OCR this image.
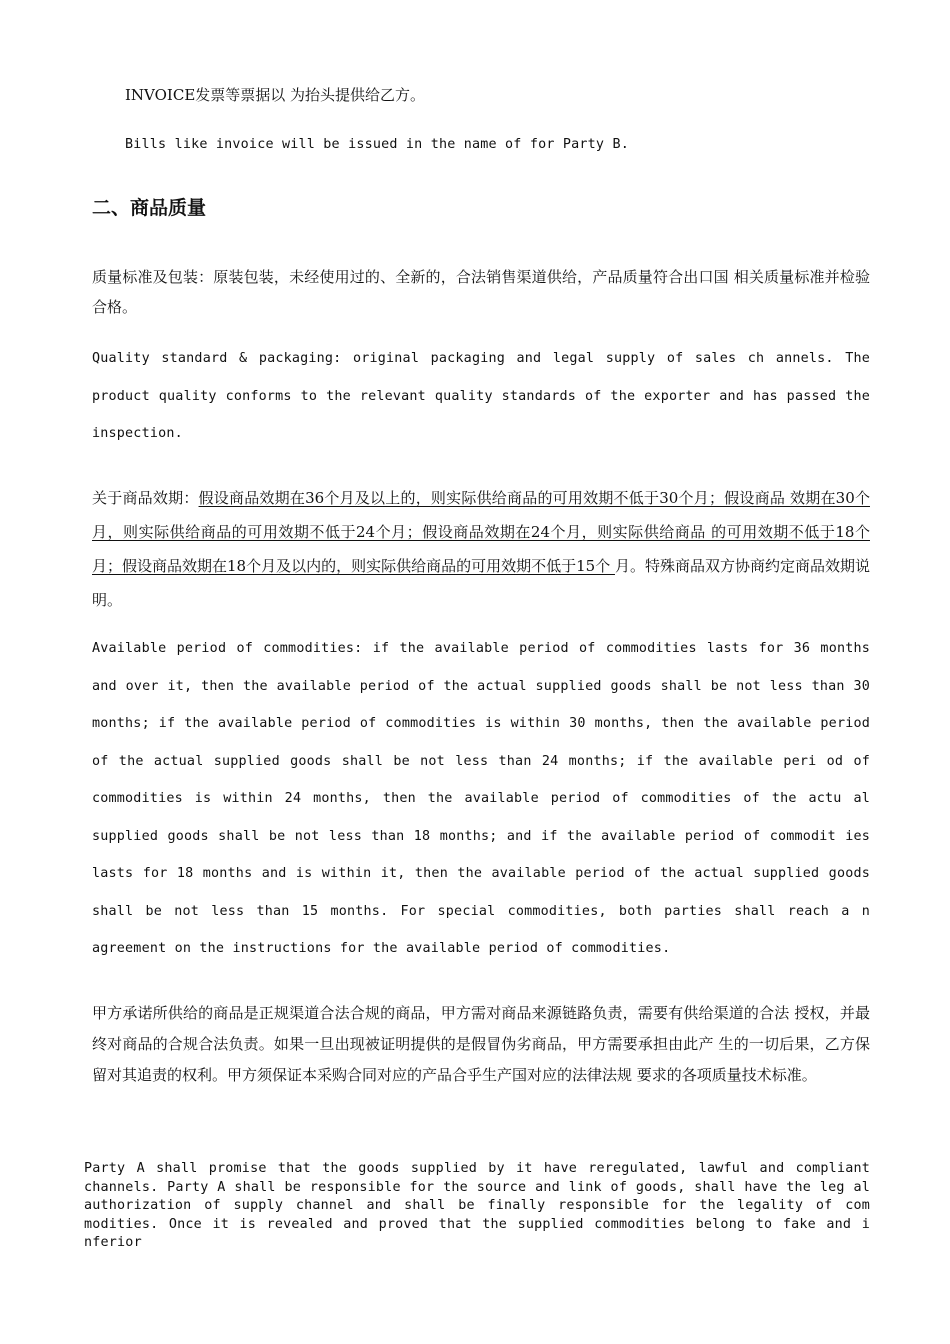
INVOICE发票等票据以 为抬头提供给乙方。

Bills like invoice will be issued in the name of for Party B.

二、商品质量

质量标准及包装：原装包装，未经使用过的、全新的，合法销售渠道供给，产品质量符合出口国 相关质量标准并检验合格。

Quality standard & packaging: original packaging and legal supply of sales ch annels. The product quality conforms to the relevant quality standards of the exporter and has passed the inspection.

关于商品效期：假设商品效期在36个月及以上的，则实际供给商品的可用效期不低于30个月；假设商品 效期在30个月，则实际供给商品的可用效期不低于24个月；假设商品效期在24个月，则实际供给商品 的可用效期不低于18个月；假设商品效期在18个月及以内的，则实际供给商品的可用效期不低于15个 月。特殊商品双方协商约定商品效期说明。

Available period of commodities: if the available period of commodities lasts for 36 months and over it, then the available period of the actual supplied goods shall be not less than 30 months; if the available period of commodities is within 30 months, then the available period of the actual supplied goods shall be not less than 24 months; if the available peri od of commodities is within 24 months, then the available period of commodities of the actu al supplied goods shall be not less than 18 months; and if the available period of commodit ies lasts for 18 months and is within it, then the available period of the actual supplied goods shall be not less than 15 months. For special commodities, both parties shall reach a n agreement on the instructions for the available period of commodities.

甲方承诺所供给的商品是正规渠道合法合规的商品，甲方需对商品来源链路负责，需要有供给渠道的合法 授权，并最终对商品的合规合法负责。如果一旦出现被证明提供的是假冒伪劣商品，甲方需要承担由此产 生的一切后果，乙方保留对其追责的权利。甲方须保证本采购合同对应的产品合乎生产国对应的法律法规 要求的各项质量技术标准。

Party A shall promise that the goods supplied by it have reregulated, lawful and compliant channels. Party A shall be responsible for the source and link of goods, shall have the leg al authorization of supply channel and shall be finally responsible for the legality of com modities. Once it is revealed and proved that the supplied commodities belong to fake and i nferior
